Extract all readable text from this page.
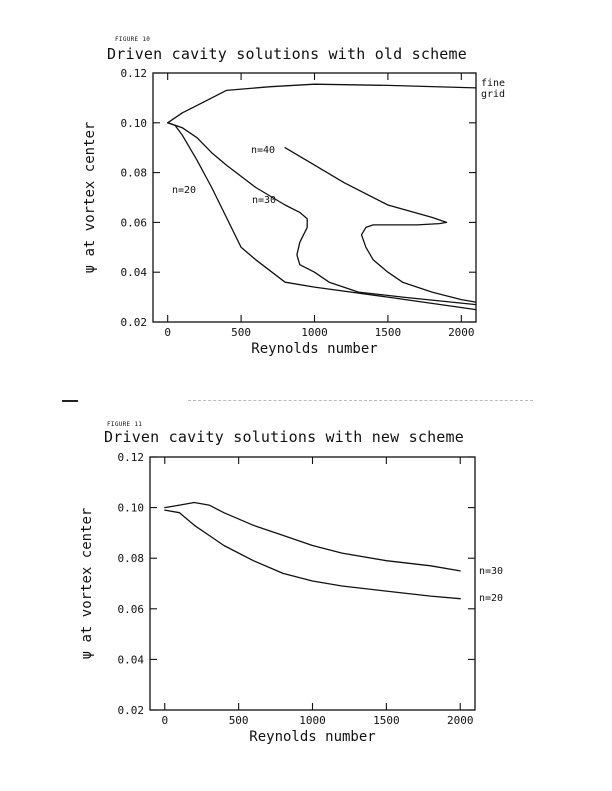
FIGURE 10
Driven cavity solutions with old scheme
FIGURE 11
Driven cavity solutions with new scheme
0	500	1000	1500	2000
0.02
0.04
0.06
0.08
0.10
0.12
Reynolds number
ψ at vortex center
fine grid
n=20
n=30
n=40
0	500	1000	1500	2000
0.02
0.04
0.06
0.08
0.10
0.12
Reynolds number
ψ at vortex center	n=30
n=20
